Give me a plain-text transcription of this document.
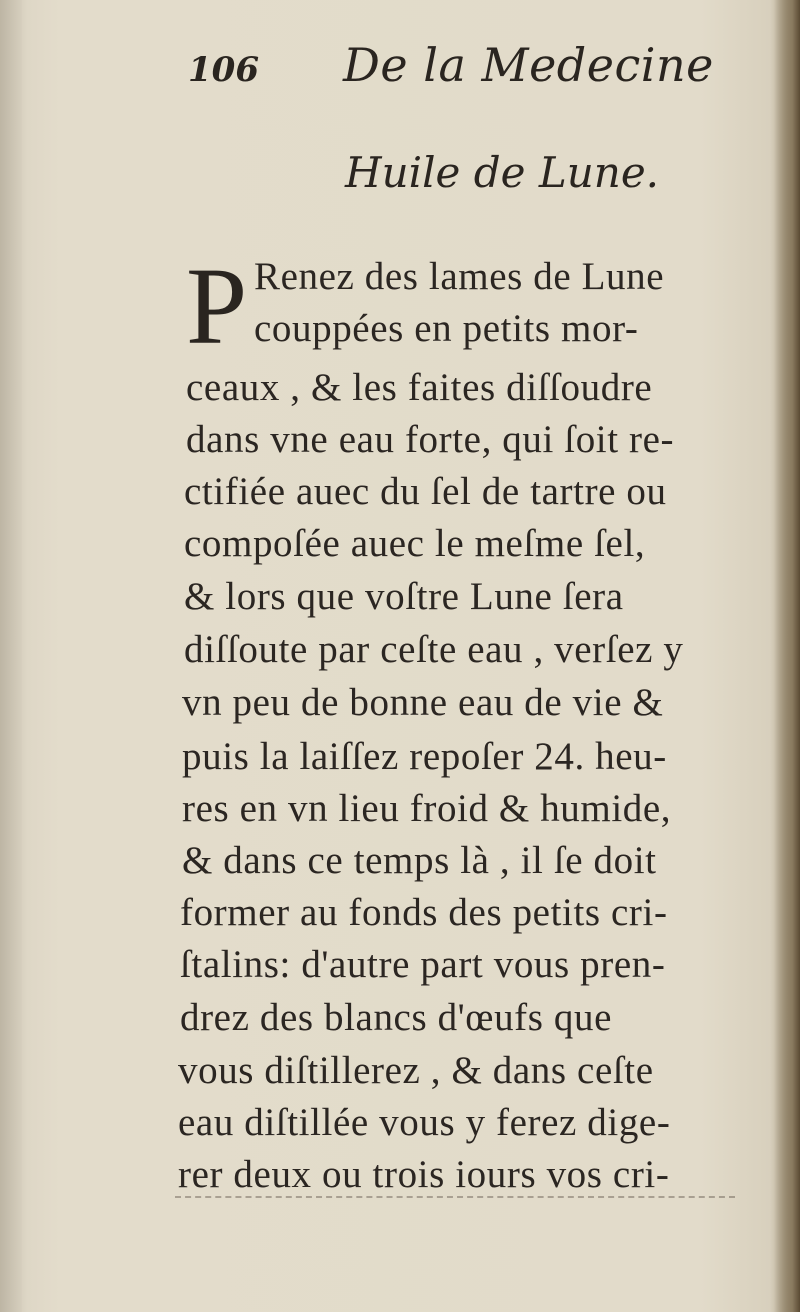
106 De la Medecine
Huile de Lune.
P Renez des lames de Lune
couppées en petits mor-
ceaux , & les faites diſſoudre
dans vne eau forte, qui ſoit re-
ctifiée auec du ſel de tartre ou
compoſée auec le meſme ſel,
& lors que voſtre Lune ſera
diſſoute par ceſte eau , verſez y
vn peu de bonne eau de vie &
puis la laiſſez repoſer 24. heu-
res en vn lieu froid & humide,
& dans ce temps là , il ſe doit
former au fonds des petits cri-
ſtalins: d'autre part vous pren-
drez des blancs d'œufs que
vous diſtillerez , & dans ceſte
eau diſtillée vous y ferez dige-
rer deux ou trois iours vos cri-
